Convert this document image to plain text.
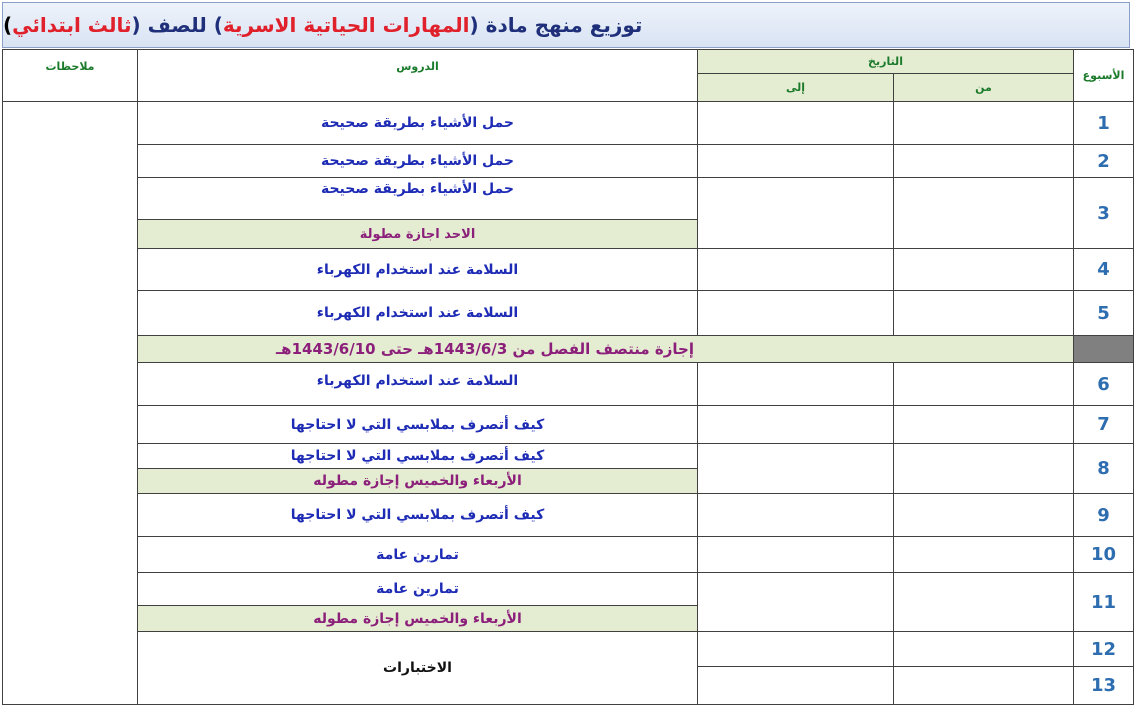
توزيع منهج مادة (
المهارات الحياتية الاسرية
) للصف (
ثالث ابتدائي
)
الأسبوع	التاريخ		الدروس	ملاحظات
	من	إلى		
1			حمل الأشياء بطريقة صحيحة	
2			حمل الأشياء بطريقة صحيحة	
3			حمل الأشياء بطريقة صحيحة	
			الاحد اجازة مطولة	
4			السلامة عند استخدام الكهرباء	
5			السلامة عند استخدام الكهرباء	
	إجازة منتصف الفصل من 1443/6/3هـ حتى 1443/6/10هـ			
6			السلامة عند استخدام الكهرباء	
7			كيف أتصرف بملابسي التي لا احتاجها	
8			كيف أتصرف بملابسي التي لا احتاجها	
			الأربعاء والخميس إجازة مطوله	
9			كيف أتصرف بملابسي التي لا احتاجها	
10			تمارين عامة	
11			تمارين عامة	
			الأربعاء والخميس إجازة مطوله	
12			الاختبارات	
13				
